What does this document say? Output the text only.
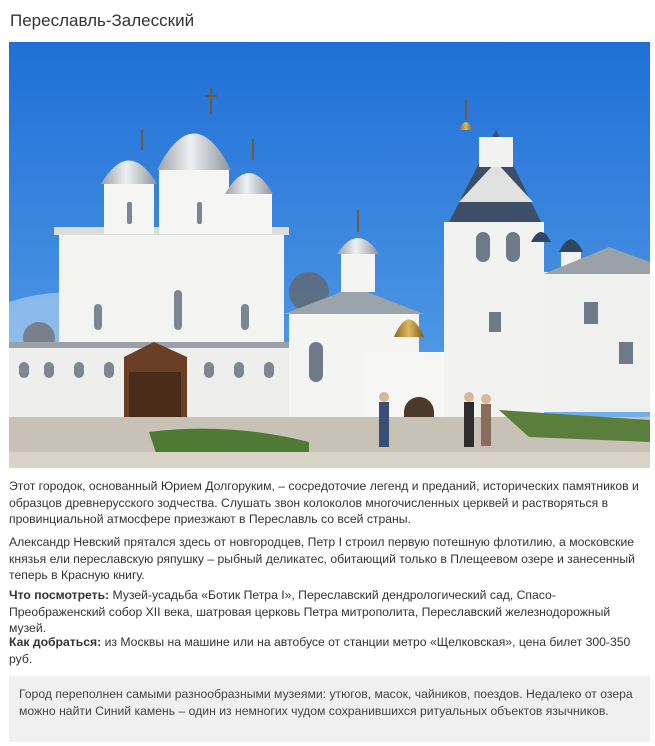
Переславль-Залесский

Этот городок, основанный Юрием Долгоруким, – сосредоточие легенд и преданий, исторических памятников и образцов древнерусского зодчества. Слушать звон колоколов многочисленных церквей и растворяться в провинциальной атмосфере приезжают в Переславль со всей страны.

Александр Невский прятался здесь от новгородцев, Петр I строил первую потешную флотилию, а московские князья ели переславскую ряпушку – рыбный деликатес, обитающий только в Плещеевом озере и занесенный теперь в Красную книгу.

Что посмотреть: Музей-усадьба «Ботик Петра I», Переславский дендрологический сад, Спасо-Преображенский собор XII века, шатровая церковь Петра митрополита, Переславский железнодорожный музей.

Как добраться: из Москвы на машине или на автобусе от станции метро «Щелковская», цена билет 300-350 руб.

Город переполнен самыми разнообразными музеями: утюгов, масок, чайников, поездов. Недалеко от озера можно найти Синий камень – один из немногих чудом сохранившихся ритуальных объектов язычников.
